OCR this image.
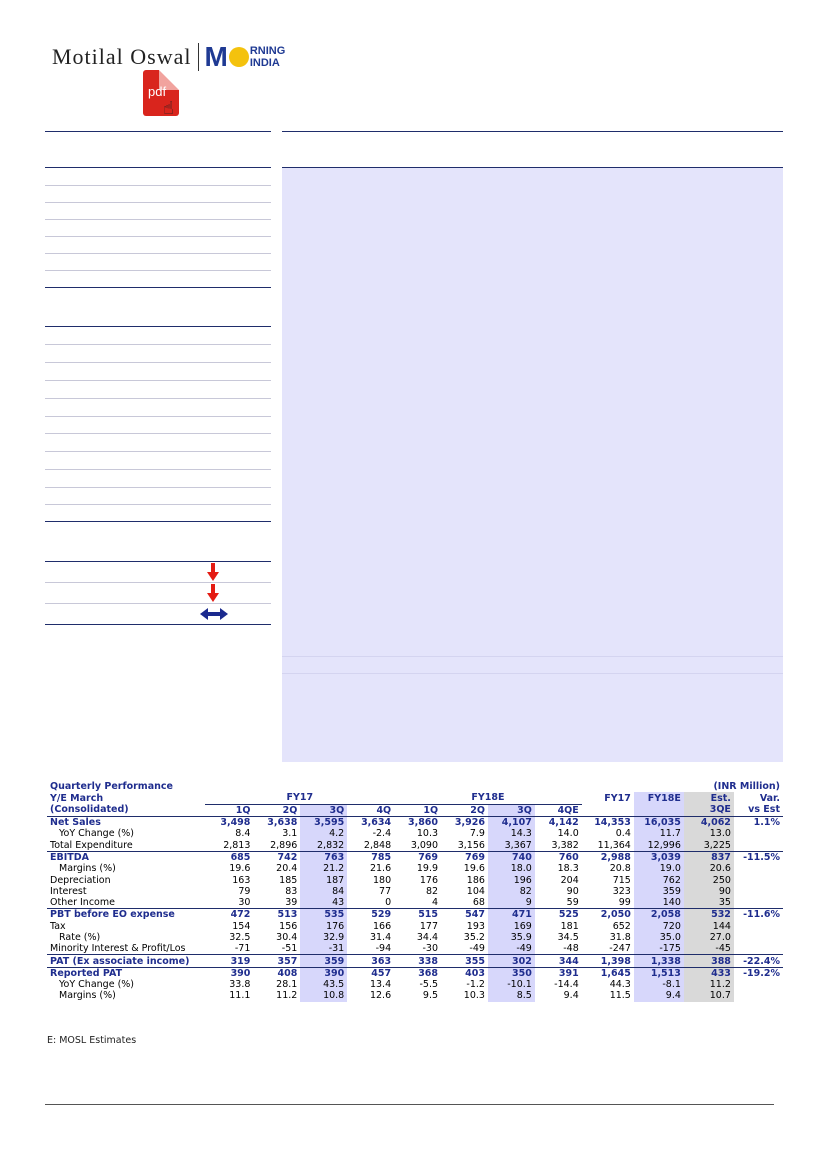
Motilal Oswal M RNING
INDIA
pdf
☝
Quarterly Performance											(INR Million)	
Y/E March	FY17				FY18E				FY17	FY18E	Est.	Var.
(Consolidated)	1Q	2Q	3Q	4Q	1Q	2Q	3Q	4QE			3QE	vs Est
Net Sales	3,498	3,638	3,595	3,634	3,860	3,926	4,107	4,142	14,353	16,035	4,062	1.1%
YoY Change (%)	8.4	3.1	4.2	-2.4	10.3	7.9	14.3	14.0	0.4	11.7	13.0	
Total Expenditure	2,813	2,896	2,832	2,848	3,090	3,156	3,367	3,382	11,364	12,996	3,225	
EBITDA	685	742	763	785	769	769	740	760	2,988	3,039	837	-11.5%
Margins (%)	19.6	20.4	21.2	21.6	19.9	19.6	18.0	18.3	20.8	19.0	20.6	
Depreciation	163	185	187	180	176	186	196	204	715	762	250	
Interest	79	83	84	77	82	104	82	90	323	359	90	
Other Income	30	39	43	0	4	68	9	59	99	140	35	
PBT before EO expense	472	513	535	529	515	547	471	525	2,050	2,058	532	-11.6%
Tax	154	156	176	166	177	193	169	181	652	720	144	
Rate (%)	32.5	30.4	32.9	31.4	34.4	35.2	35.9	34.5	31.8	35.0	27.0	
Minority Interest & Profit/Los	-71	-51	-31	-94	-30	-49	-49	-48	-247	-175	-45	
PAT (Ex associate income)	319	357	359	363	338	355	302	344	1,398	1,338	388	-22.4%
Reported PAT	390	408	390	457	368	403	350	391	1,645	1,513	433	-19.2%
YoY Change (%)	33.8	28.1	43.5	13.4	-5.5	-1.2	-10.1	-14.4	44.3	-8.1	11.2	
Margins (%)	11.1	11.2	10.8	12.6	9.5	10.3	8.5	9.4	11.5	9.4	10.7	
E: MOSL Estimates
